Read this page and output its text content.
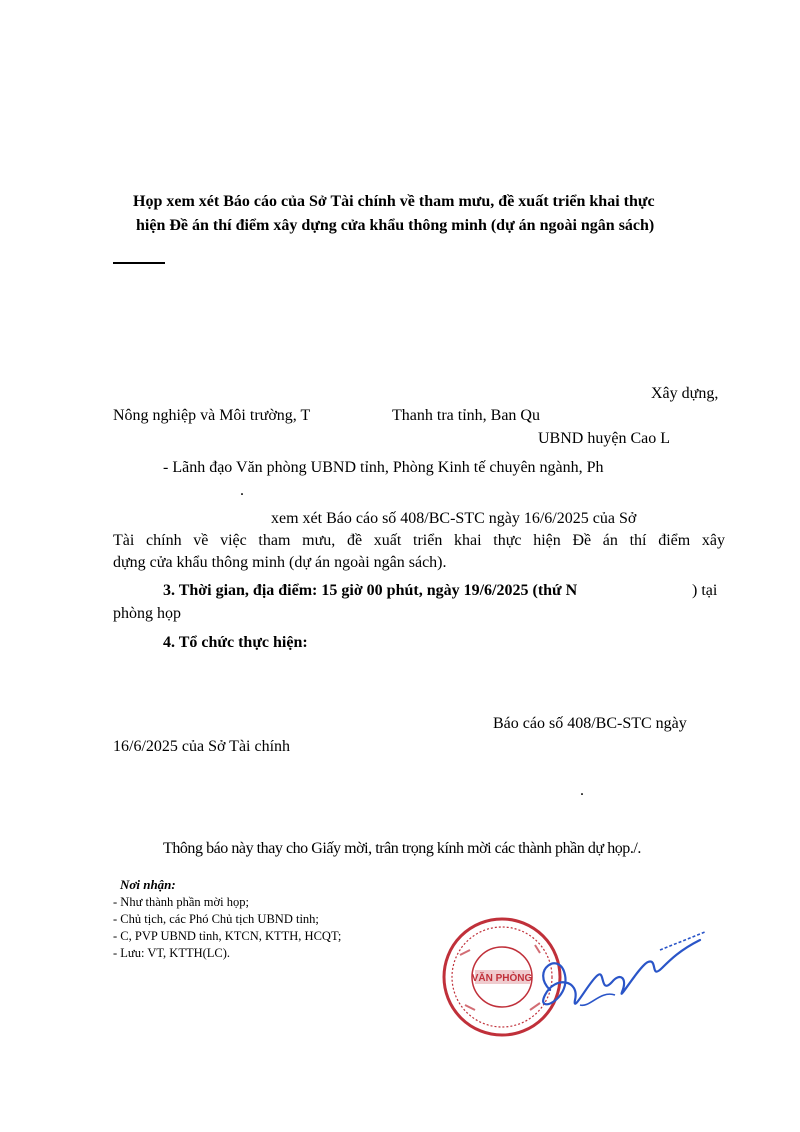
Họp xem xét Báo cáo của Sở Tài chính về tham mưu, đề xuất triển khai thực
hiện Đề án thí điểm xây dựng cửa khẩu thông minh (dự án ngoài ngân sách)
Xây dựng,
Nông nghiệp và Môi trường, T	Thanh tra tỉnh, Ban Qu
UBND huyện Cao L
- Lãnh đạo Văn phòng UBND tỉnh, Phòng Kinh tế chuyên ngành, Ph
.
xem xét Báo cáo số 408/BC-STC ngày 16/6/2025 của Sở
Tài chính về việc tham mưu, đề xuất triển khai thực hiện Đề án thí điểm xây
dựng cửa khẩu thông minh (dự án ngoài ngân sách).
3. Thời gian, địa điểm: 15 giờ 00 phút, ngày 19/6/2025 (thứ N	) tại
phòng họp
4. Tổ chức thực hiện:
Báo cáo số 408/BC-STC ngày
16/6/2025 của Sở Tài chính
.
Thông báo này thay cho Giấy mời, trân trọng kính mời các thành phần dự họp./.
Nơi nhận:
- Như thành phần mời họp;
- Chủ tịch, các Phó Chủ tịch UBND tỉnh;
- C, PVP UBND tỉnh, KTCN, KTTH, HCQT;
- Lưu: VT, KTTH(LC).
VĂN PHÒNG
